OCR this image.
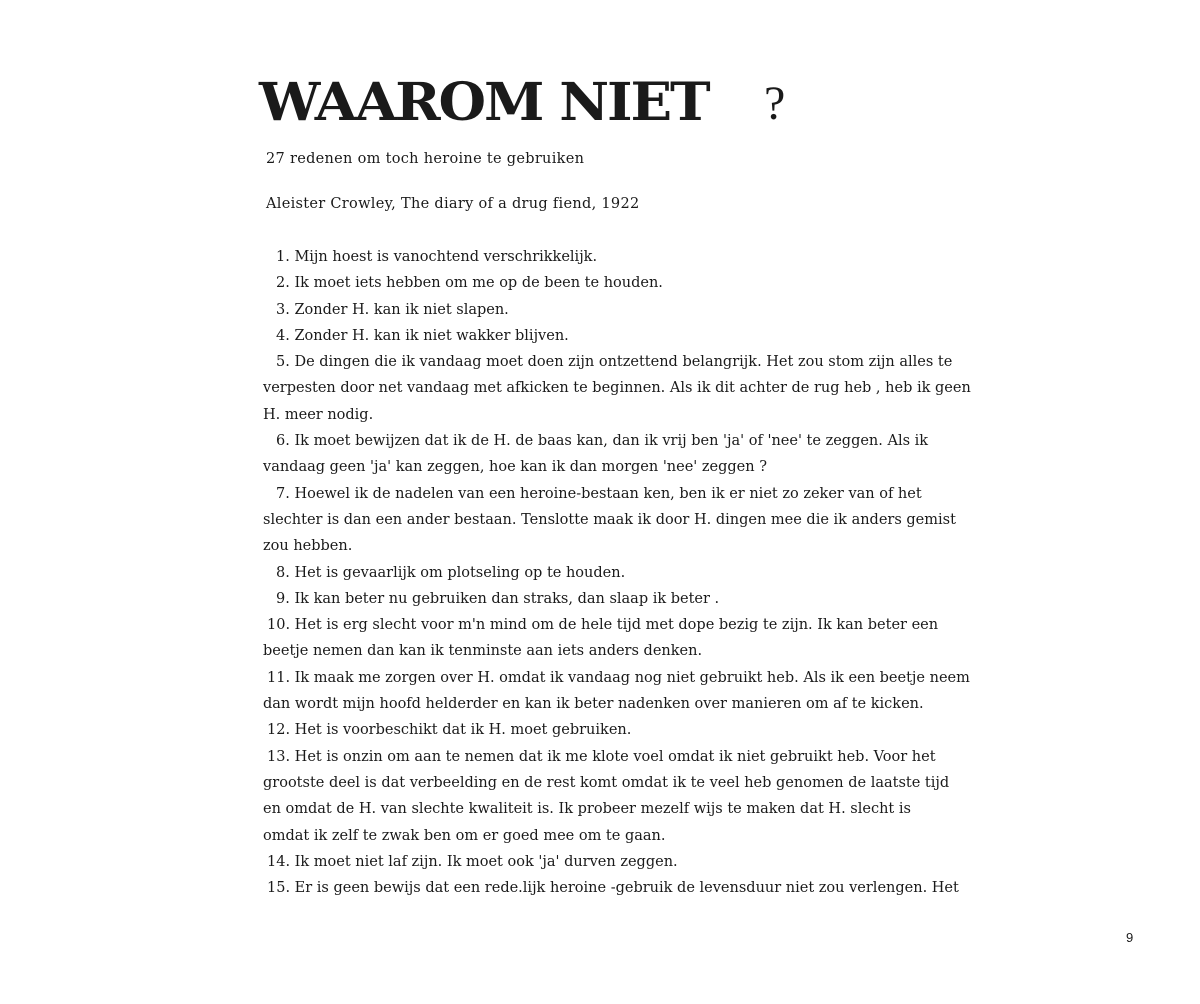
WAAROM NIET ?
27 redenen om toch heroine te gebruiken
Aleister Crowley, The diary of a drug fiend, 1922
1. Mijn hoest is vanochtend verschrikkelijk.
2. Ik moet iets hebben om me op de been te houden.
3. Zonder H. kan ik niet slapen.
4. Zonder H. kan ik niet wakker blijven.
5. De dingen die ik vandaag moet doen zijn ontzettend belangrijk. Het zou stom zijn alles te
verpesten door net vandaag met afkicken te beginnen. Als ik dit achter de rug heb , heb ik geen
H. meer nodig.
6. Ik moet bewijzen dat ik de H. de baas kan, dan ik vrij ben 'ja' of 'nee' te zeggen. Als ik
vandaag geen 'ja' kan zeggen, hoe kan ik dan morgen 'nee' zeggen ?
7. Hoewel ik de nadelen van een heroine-bestaan ken, ben ik er niet zo zeker van of het
slechter is dan een ander bestaan. Tenslotte maak ik door H. dingen mee die ik anders gemist
zou hebben.
8. Het is gevaarlijk om plotseling op te houden.
9. Ik kan beter nu gebruiken dan straks, dan slaap ik beter .
10. Het is erg slecht voor m'n mind om de hele tijd met dope bezig te zijn. Ik kan beter een
beetje nemen dan kan ik tenminste aan iets anders denken.
11. Ik maak me zorgen over H. omdat ik vandaag nog niet gebruikt heb. Als ik een beetje neem
dan wordt mijn hoofd helderder en kan ik beter nadenken over manieren om af te kicken.
12. Het is voorbeschikt dat ik H. moet gebruiken.
13. Het is onzin om aan te nemen dat ik me klote voel omdat ik niet gebruikt heb. Voor het
grootste deel is dat verbeelding en de rest komt omdat ik te veel heb genomen de laatste tijd
en omdat de H. van slechte kwaliteit is. Ik probeer mezelf wijs te maken dat H. slecht is
omdat ik zelf te zwak ben om er goed mee om te gaan.
14. Ik moet niet laf zijn. Ik moet ook 'ja' durven zeggen.
15. Er is geen bewijs dat een rede.lijk heroine -gebruik de levensduur niet zou verlengen. Het
9
